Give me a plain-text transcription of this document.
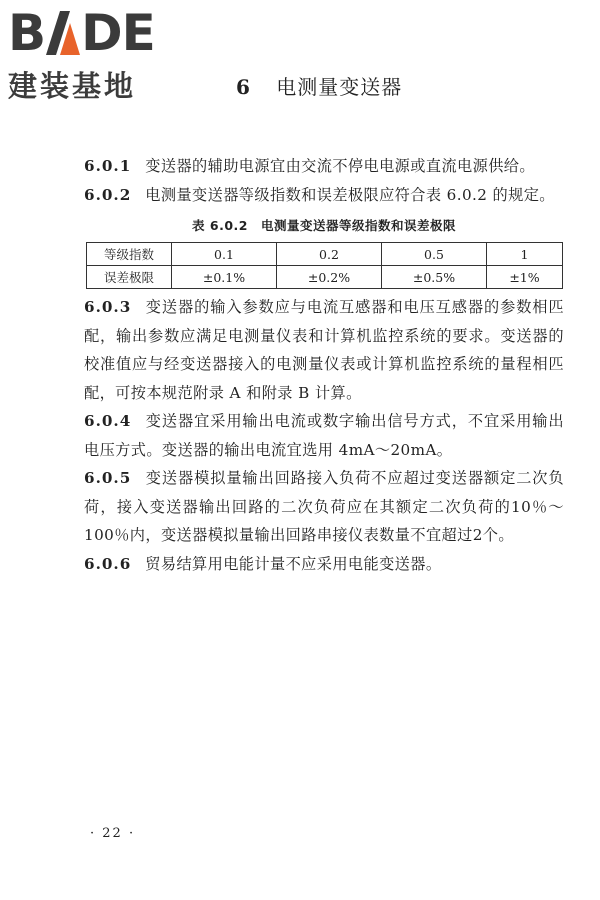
B D E
建装基地	6 电测量变送器

6.0.1 变送器的辅助电源宜由交流不停电电源或直流电源供给。

6.0.2 电测量变送器等级指数和误差极限应符合表 6.0.2 的规定。

表 6.0.2　电测量变送器等级指数和误差极限
等级指数	0.1	0.2	0.5	1
误差极限	±0.1%	±0.2%	±0.5%	±1%

6.0.3 变送器的输入参数应与电流互感器和电压互感器的参数相匹配，输出参数应满足电测量仪表和计算机监控系统的要求。变送器的校准值应与经变送器接入的电测量仪表或计算机监控系统的量程相匹配，可按本规范附录 A 和附录 B 计算。

6.0.4 变送器宜采用输出电流或数字输出信号方式，不宜采用输出电压方式。变送器的输出电流宜选用 4mA～20mA。

6.0.5 变送器模拟量输出回路接入负荷不应超过变送器额定二次负荷，接入变送器输出回路的二次负荷应在其额定二次负荷的10％～100％内，变送器模拟量输出回路串接仪表数量不宜超过2个。

6.0.6 贸易结算用电能计量不应采用电能变送器。

· 22 ·
